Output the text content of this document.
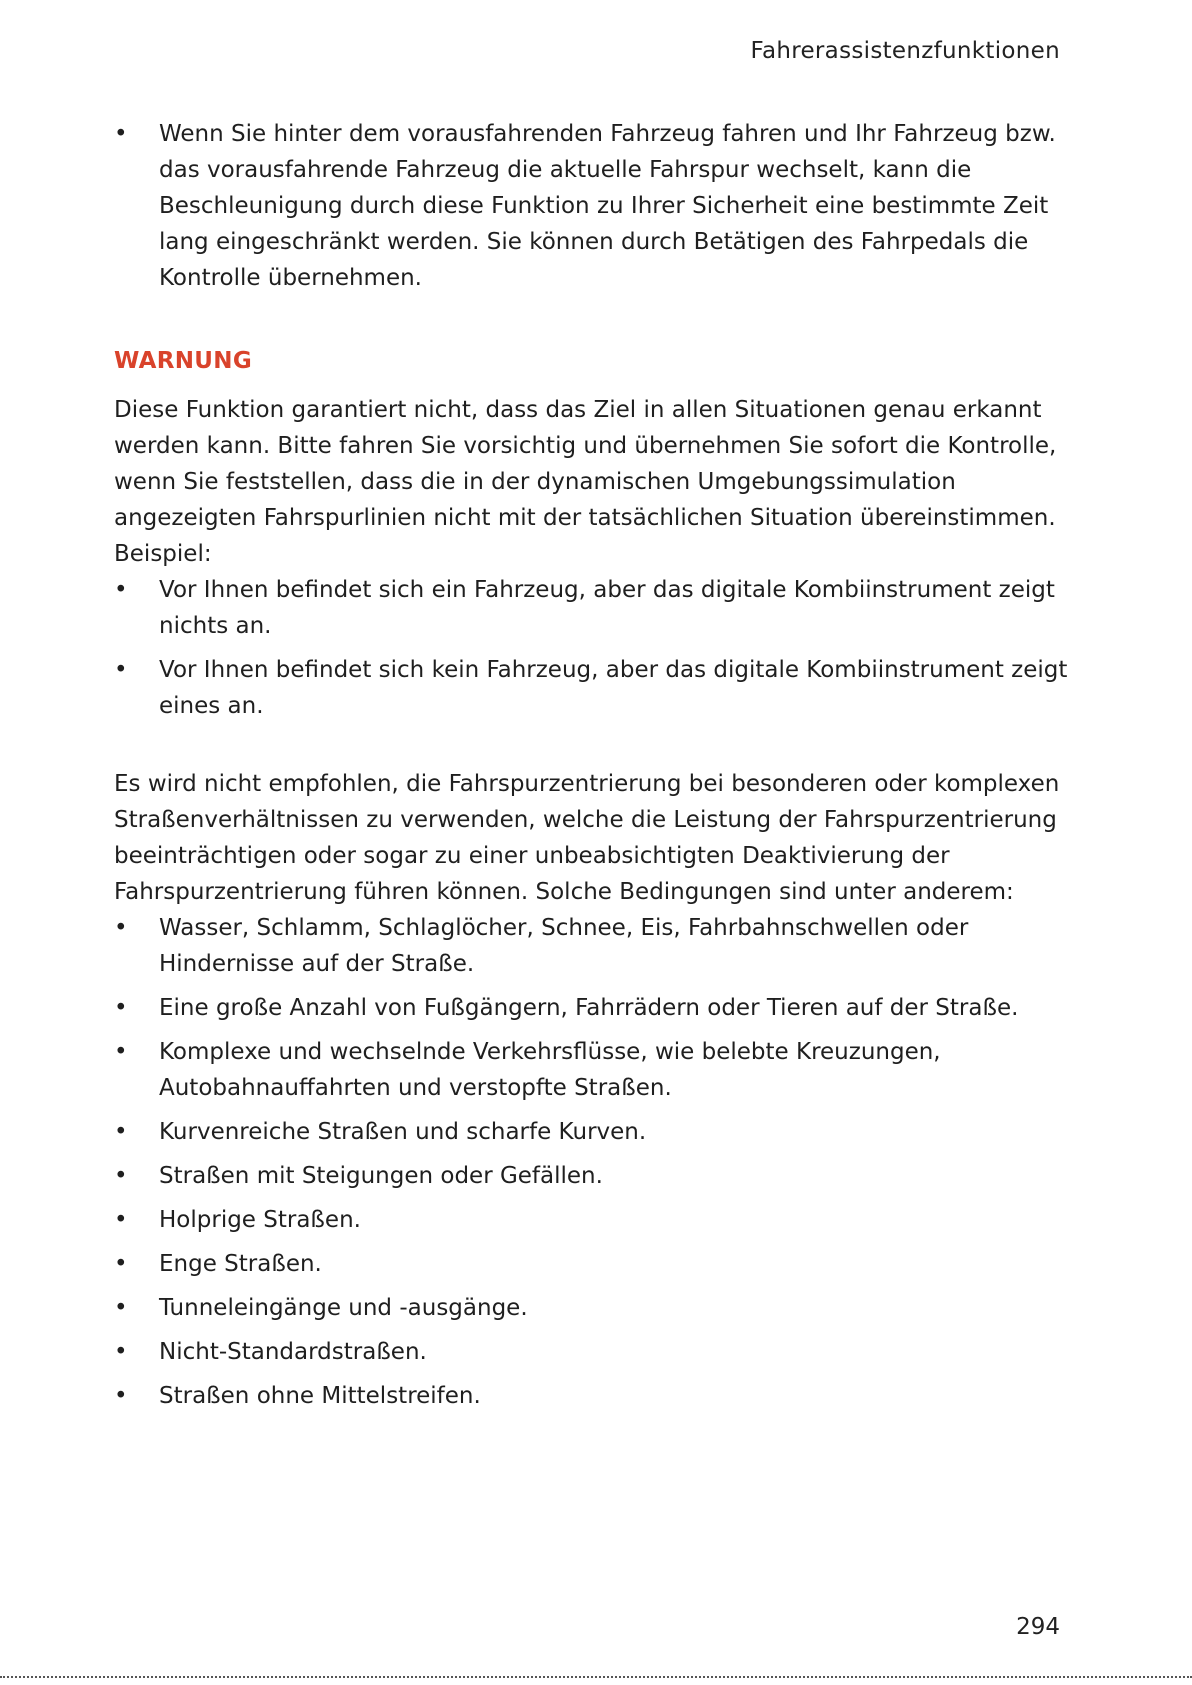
Fahrerassistenzfunktionen
• Wenn Sie hinter dem vorausfahrenden Fahrzeug fahren und Ihr Fahrzeug bzw. das vorausfahrende Fahrzeug die aktuelle Fahrspur wechselt, kann die Beschleunigung durch diese Funktion zu Ihrer Sicherheit eine bestimmte Zeit lang eingeschränkt werden. Sie können durch Betätigen des Fahrpedals die Kontrolle übernehmen.
WARNUNG
Diese Funktion garantiert nicht, dass das Ziel in allen Situationen genau erkannt werden kann. Bitte fahren Sie vorsichtig und übernehmen Sie sofort die Kontrolle, wenn Sie feststellen, dass die in der dynamischen Umgebungssimulation angezeigten Fahrspurlinien nicht mit der tatsächlichen Situation übereinstimmen. Beispiel:
• Vor Ihnen befindet sich ein Fahrzeug, aber das digitale Kombiinstrument zeigt nichts an.
• Vor Ihnen befindet sich kein Fahrzeug, aber das digitale Kombiinstrument zeigt eines an.
Es wird nicht empfohlen, die Fahrspurzentrierung bei besonderen oder komplexen Straßenverhältnissen zu verwenden, welche die Leistung der Fahrspurzentrierung beeinträchtigen oder sogar zu einer unbeabsichtigten Deaktivierung der Fahrspurzentrierung führen können. Solche Bedingungen sind unter anderem:
• Wasser, Schlamm, Schlaglöcher, Schnee, Eis, Fahrbahnschwellen oder Hindernisse auf der Straße.
• Eine große Anzahl von Fußgängern, Fahrrädern oder Tieren auf der Straße.
• Komplexe und wechselnde Verkehrsflüsse, wie belebte Kreuzungen, Autobahnauffahrten und verstopfte Straßen.
• Kurvenreiche Straßen und scharfe Kurven.
• Straßen mit Steigungen oder Gefällen.
• Holprige Straßen.
• Enge Straßen.
• Tunneleingänge und -ausgänge.
• Nicht-Standardstraßen.
• Straßen ohne Mittelstreifen.
294
